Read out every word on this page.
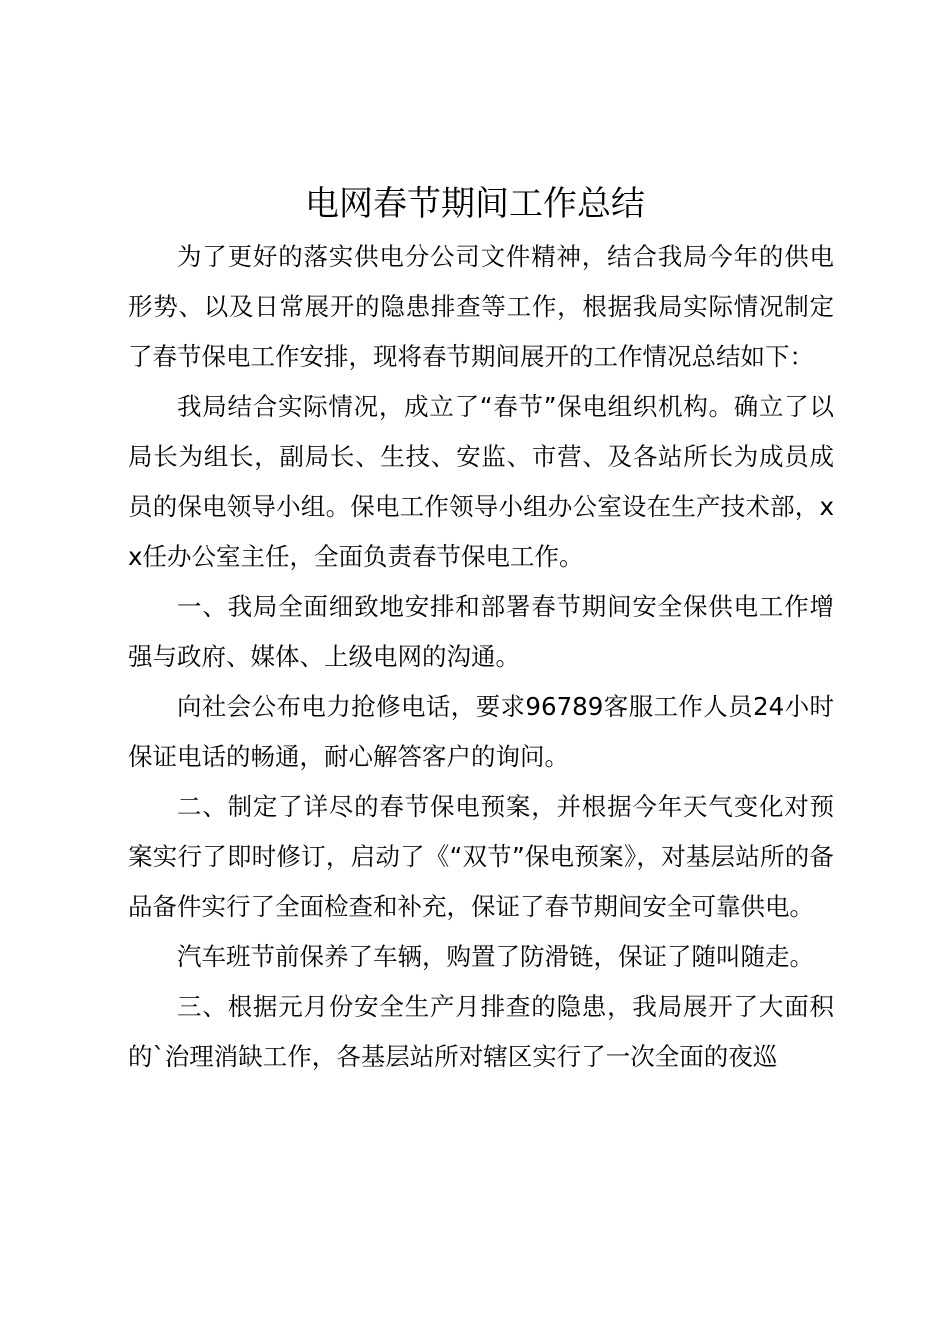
电网春节期间工作总结

为了更好的落实供电分公司文件精神，结合我局今年的供电形势、以及日常展开的隐患排查等工作，根据我局实际情况制定了春节保电工作安排，现将春节期间展开的工作情况总结如下：

我局结合实际情况，成立了“春节”保电组织机构。确立了以局长为组长，副局长、生技、安监、市营、及各站所长为成员成员的保电领导小组。保电工作领导小组办公室设在生产技术部，xx任办公室主任，全面负责春节保电工作。

一、我局全面细致地安排和部署春节期间安全保供电工作增强与政府、媒体、上级电网的沟通。

向社会公布电力抢修电话，要求96789客服工作人员24小时保证电话的畅通，耐心解答客户的询问。

二、制定了详尽的春节保电预案，并根据今年天气变化对预案实行了即时修订，启动了《“双节”保电预案》，对基层站所的备品备件实行了全面检查和补充，保证了春节期间安全可靠供电。

汽车班节前保养了车辆，购置了防滑链，保证了随叫随走。

三、根据元月份安全生产月排查的隐患，我局展开了大面积的`治理消缺工作，各基层站所对辖区实行了一次全面的夜巡
